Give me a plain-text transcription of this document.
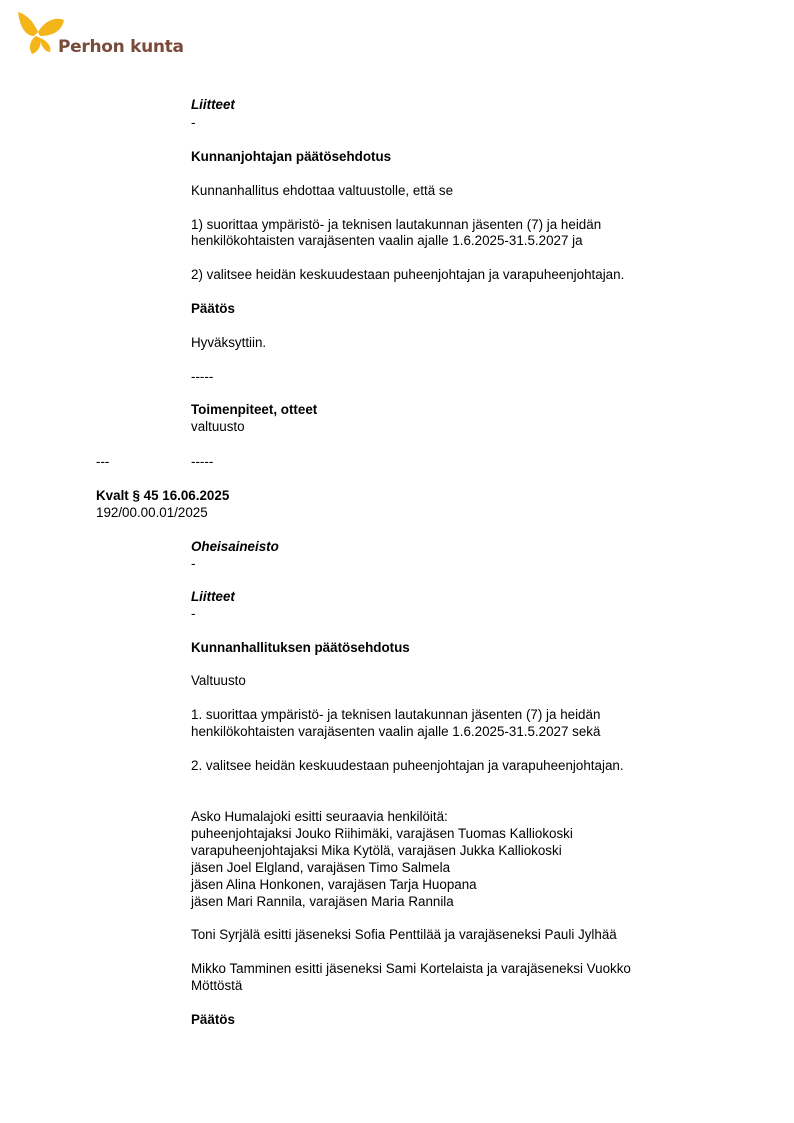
Perhon kunta
Liitteet
-
Kunnanjohtajan päätösehdotus
Kunnanhallitus ehdottaa valtuustolle, että se
1) suorittaa ympäristö- ja teknisen lautakunnan jäsenten (7) ja heidän
henkilökohtaisten varajäsenten vaalin ajalle 1.6.2025-31.5.2027 ja
2) valitsee heidän keskuudestaan puheenjohtajan ja varapuheenjohtajan.
Päätös
Hyväksyttiin.
-----
Toimenpiteet, otteet
valtuusto
---	-----
Kvalt § 45 16.06.2025
192/00.00.01/2025
Oheisaineisto
-
Liitteet
-
Kunnanhallituksen päätösehdotus
Valtuusto
1. suorittaa ympäristö- ja teknisen lautakunnan jäsenten (7) ja heidän
henkilökohtaisten varajäsenten vaalin ajalle 1.6.2025-31.5.2027 sekä
2. valitsee heidän keskuudestaan puheenjohtajan ja varapuheenjohtajan.
Asko Humalajoki esitti seuraavia henkilöitä:
puheenjohtajaksi Jouko Riihimäki, varajäsen Tuomas Kalliokoski
varapuheenjohtajaksi Mika Kytölä, varajäsen Jukka Kalliokoski
jäsen Joel Elgland, varajäsen Timo Salmela
jäsen Alina Honkonen, varajäsen Tarja Huopana
jäsen Mari Rannila, varajäsen Maria Rannila
Toni Syrjälä esitti jäseneksi Sofia Penttilää ja varajäseneksi Pauli Jylhää
Mikko Tamminen esitti jäseneksi Sami Kortelaista ja varajäseneksi Vuokko
Möttöstä
Päätös
